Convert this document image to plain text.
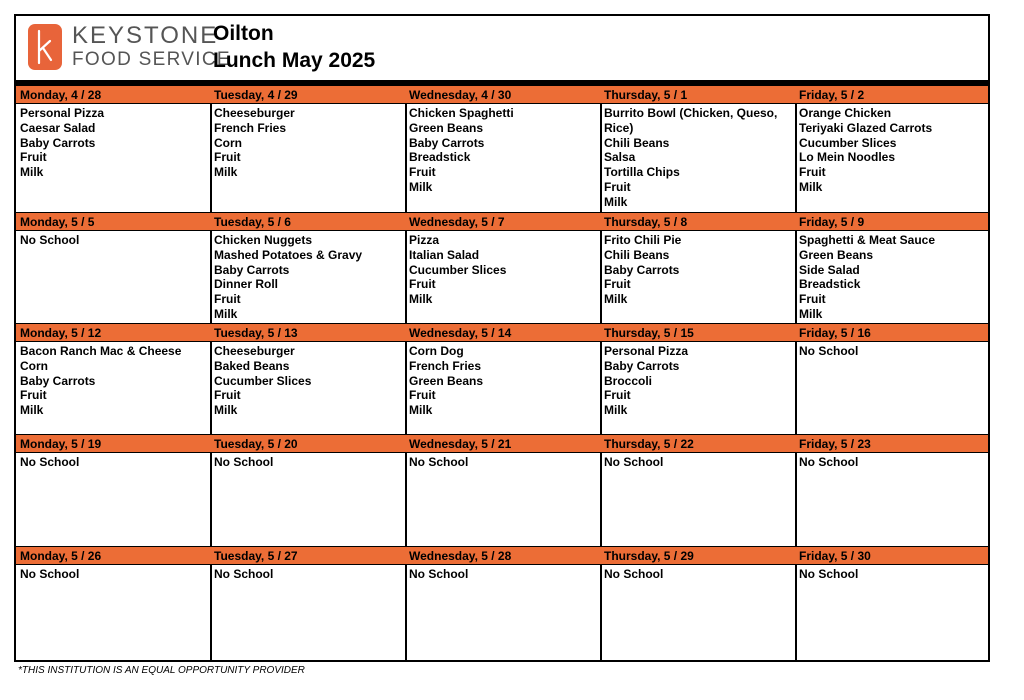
KEYSTONE
FOOD SERVICE
Oilton
Lunch May 2025
Monday, 4 / 28
Personal Pizza
Caesar Salad
Baby Carrots
Fruit
Milk
Tuesday, 4 / 29
Cheeseburger
French Fries
Corn
Fruit
Milk
Wednesday, 4 / 30
Chicken Spaghetti
Green Beans
Baby Carrots
Breadstick
Fruit
Milk
Thursday, 5 / 1
Burrito Bowl (Chicken, Queso, Rice)
Chili Beans
Salsa
Tortilla Chips
Fruit
Milk
Friday, 5 / 2
Orange Chicken
Teriyaki Glazed Carrots
Cucumber Slices
Lo Mein Noodles
Fruit
Milk
Monday, 5 / 5
No School
Tuesday, 5 / 6
Chicken Nuggets
Mashed Potatoes & Gravy
Baby Carrots
Dinner Roll
Fruit
Milk
Wednesday, 5 / 7
Pizza
Italian Salad
Cucumber Slices
Fruit
Milk
Thursday, 5 / 8
Frito Chili Pie
Chili Beans
Baby Carrots
Fruit
Milk
Friday, 5 / 9
Spaghetti & Meat Sauce
Green Beans
Side Salad
Breadstick
Fruit
Milk
Monday, 5 / 12
Bacon Ranch Mac & Cheese
Corn
Baby Carrots
Fruit
Milk
Tuesday, 5 / 13
Cheeseburger
Baked Beans
Cucumber Slices
Fruit
Milk
Wednesday, 5 / 14
Corn Dog
French Fries
Green Beans
Fruit
Milk
Thursday, 5 / 15
Personal Pizza
Baby Carrots
Broccoli
Fruit
Milk
Friday, 5 / 16
No School
Monday, 5 / 19
No School
Tuesday, 5 / 20
No School
Wednesday, 5 / 21
No School
Thursday, 5 / 22
No School
Friday, 5 / 23
No School
Monday, 5 / 26
No School
Tuesday, 5 / 27
No School
Wednesday, 5 / 28
No School
Thursday, 5 / 29
No School
Friday, 5 / 30
No School
*THIS INSTITUTION IS AN EQUAL OPPORTUNITY PROVIDER
